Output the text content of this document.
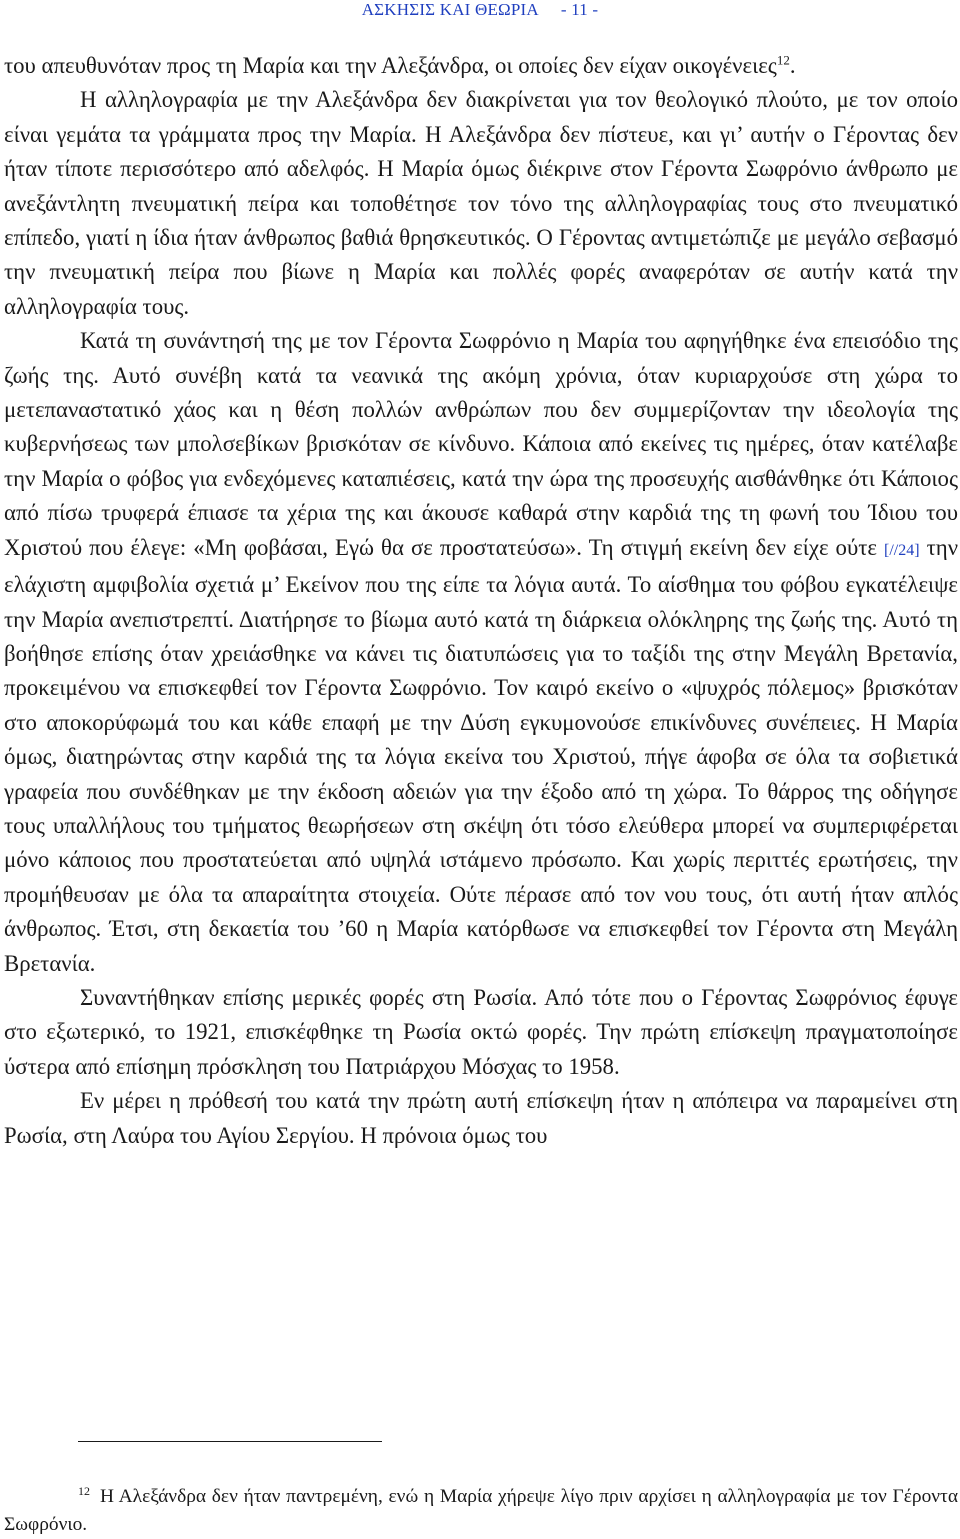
ΑΣΚΗΣΙΣ ΚΑΙ ΘΕΩΡΙΑ - 11 -

του απευθυνόταν προς τη Μαρία και την Αλεξάνδρα, οι οποίες δεν είχαν οικογένειες$^{12}$.

Η αλληλογραφία με την Αλεξάνδρα δεν διακρίνεται για τον θεολογικό πλούτο, με τον οποίο είναι γεμάτα τα γράμματα προς την Μαρία. Η Αλεξάνδρα δεν πίστευε, και γι’ αυτήν ο Γέροντας δεν ήταν τίποτε περισσότερο από αδελφός. Η Μαρία όμως διέκρινε στον Γέροντα Σωφρόνιο άνθρωπο με ανεξάντλητη πνευματική πείρα και τοποθέτησε τον τόνο της αλληλογραφίας τους στο πνευματικό επίπεδο, γιατί η ίδια ήταν άνθρωπος βαθιά θρησκευτικός. Ο Γέροντας αντιμετώπιζε με μεγάλο σεβασμό την πνευματική πείρα που βίωνε η Μαρία και πολλές φορές αναφερόταν σε αυτήν κατά την αλληλογραφία τους.

Κατά τη συνάντησή της με τον Γέροντα Σωφρόνιο η Μαρία του αφηγήθηκε ένα επεισόδιο της ζωής της. Αυτό συνέβη κατά τα νεανικά της ακόμη χρόνια, όταν κυριαρχούσε στη χώρα το μετεπαναστατικό χάος και η θέση πολλών ανθρώπων που δεν συμμερίζονταν την ιδεολογία της κυβερνήσεως των μπολσεβίκων βρισκόταν σε κίνδυνο. Κάποια από εκείνες τις ημέρες, όταν κατέλαβε την Μαρία ο φόβος για ενδεχόμενες καταπιέσεις, κατά την ώρα της προσευχής αισθάνθηκε ότι Κάποιος από πίσω τρυφερά έπιασε τα χέρια της και άκουσε καθαρά στην καρδιά της τη φωνή του Ίδιου του Χριστού που έλεγε: «Μη φοβάσαι, Εγώ θα σε προστατεύσω». Τη στιγμή εκείνη δεν είχε ούτε [//24] την ελάχιστη αμφιβολία σχετιά μ’ Εκείνον που της είπε τα λόγια αυτά. Το αίσθημα του φόβου εγκατέλειψε την Μαρία ανεπιστρεπτί. Διατήρησε το βίωμα αυτό κατά τη διάρκεια ολόκληρης της ζωής της. Αυτό τη βοήθησε επίσης όταν χρειάσθηκε να κάνει τις διατυπώσεις για το ταξίδι της στην Μεγάλη Βρετανία, προκειμένου να επισκεφθεί τον Γέροντα Σωφρόνιο. Τον καιρό εκείνο ο «ψυχρός πόλεμος» βρισκόταν στο αποκορύφωμά του και κάθε επαφή με την Δύση εγκυμονούσε επικίνδυνες συνέπειες. Η Μαρία όμως, διατηρώντας στην καρδιά της τα λόγια εκείνα του Χριστού, πήγε άφοβα σε όλα τα σοβιετικά γραφεία που συνδέθηκαν με την έκδοση αδειών για την έξοδο από τη χώρα. Το θάρρος της οδήγησε τους υπαλλήλους του τμήματος θεωρήσεων στη σκέψη ότι τόσο ελεύθερα μπορεί να συμπεριφέρεται μόνο κάποιος που προστατεύεται από υψηλά ιστάμενο πρόσωπο. Και χωρίς περιττές ερωτήσεις, την προμήθευσαν με όλα τα απαραίτητα στοιχεία. Ούτε πέρασε από τον νου τους, ότι αυτή ήταν απλός άνθρωπος. Έτσι, στη δεκαετία του ’60 η Μαρία κατόρθωσε να επισκεφθεί τον Γέροντα στη Μεγάλη Βρετανία.

Συναντήθηκαν επίσης μερικές φορές στη Ρωσία. Από τότε που ο Γέροντας Σωφρόνιος έφυγε στο εξωτερικό, το 1921, επισκέφθηκε τη Ρωσία οκτώ φορές. Την πρώτη επίσκεψη πραγματοποίησε ύστερα από επίσημη πρόσκληση του Πατριάρχου Μόσχας το 1958.

Εν μέρει η πρόθεσή του κατά την πρώτη αυτή επίσκεψη ήταν η απόπειρα να παραμείνει στη Ρωσία, στη Λαύρα του Αγίου Σεργίου. Η πρόνοια όμως του

12 Η Αλεξάνδρα δεν ήταν παντρεμένη, ενώ η Μαρία χήρεψε λίγο πριν αρχίσει η αλληλογραφία με τον Γέροντα Σωφρόνιο.
